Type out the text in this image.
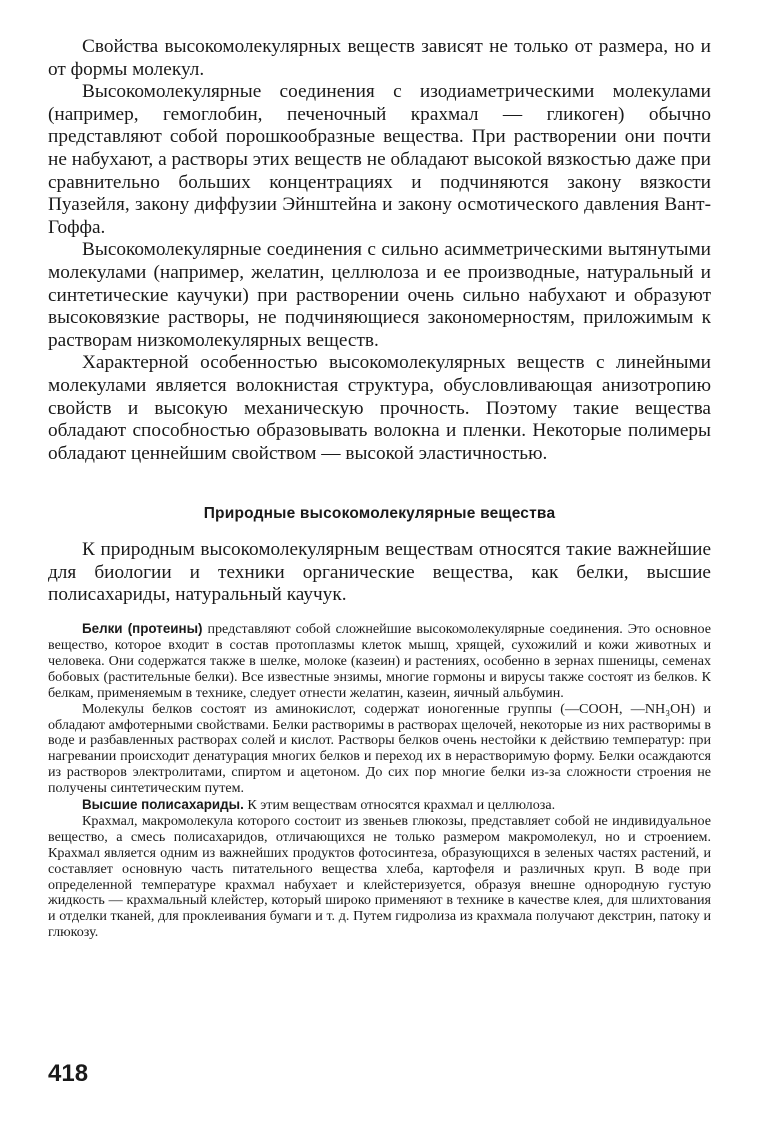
Свойства высокомолекулярных веществ зависят не только от размера, но и от формы молекул.

Высокомолекулярные соединения с изодиаметрическими молекулами (например, гемоглобин, печеночный крахмал — гликоген) обычно представляют собой порошкообразные вещества. При растворении они почти не набухают, а растворы этих веществ не обладают высокой вязкостью даже при сравнительно больших концентрациях и подчиняются закону вязкости Пуазейля, закону диффузии Эйнштейна и закону осмотического давления Вант-Гоффа.

Высокомолекулярные соединения с сильно асимметрическими вытянутыми молекулами (например, желатин, целлюлоза и ее производные, натуральный и синтетические каучуки) при растворении очень сильно набухают и образуют высоковязкие растворы, не подчиняющиеся закономерностям, приложимым к растворам низкомолекулярных веществ.

Характерной особенностью высокомолекулярных веществ с линейными молекулами является волокнистая структура, обусловливающая анизотропию свойств и высокую механическую прочность. Поэтому такие вещества обладают способностью образовывать волокна и пленки. Некоторые полимеры обладают ценнейшим свойством — высокой эластичностью.

Природные высокомолекулярные вещества

К природным высокомолекулярным веществам относятся такие важнейшие для биологии и техники органические вещества, как белки, высшие полисахариды, натуральный каучук.

Белки (протеины) представляют собой сложнейшие высокомолекулярные соединения. Это основное вещество, которое входит в состав протоплазмы клеток мышц, хрящей, сухожилий и кожи животных и человека. Они содержатся также в шелке, молоке (казеин) и растениях, особенно в зернах пшеницы, семенах бобовых (растительные белки). Все известные энзимы, многие гормоны и вирусы также состоят из белков. К белкам, применяемым в технике, следует отнести желатин, казеин, яичный альбумин.

Молекулы белков состоят из аминокислот, содержат ионогенные группы (—COOH, —NH₃OH) и обладают амфотерными свойствами. Белки растворимы в растворах щелочей, некоторые из них растворимы в воде и разбавленных растворах солей и кислот. Растворы белков очень нестойки к действию температур: при нагревании происходит денатурация многих белков и переход их в нерастворимую форму. Белки осаждаются из растворов электролитами, спиртом и ацетоном. До сих пор многие белки из-за сложности строения не получены синтетическим путем.

Высшие полисахариды. К этим веществам относятся крахмал и целлюлоза.

Крахмал, макромолекула которого состоит из звеньев глюкозы, представляет собой не индивидуальное вещество, а смесь полисахаридов, отличающихся не только размером макромолекул, но и строением. Крахмал является одним из важнейших продуктов фотосинтеза, образующихся в зеленых частях растений, и составляет основную часть питательного вещества хлеба, картофеля и различных круп. В воде при определенной температуре крахмал набухает и клейстеризуется, образуя внешне однородную густую жидкость — крахмальный клейстер, который широко применяют в технике в качестве клея, для шлихтования и отделки тканей, для проклеивания бумаги и т. д. Путем гидролиза из крахмала получают декстрин, патоку и глюкозу.

418
